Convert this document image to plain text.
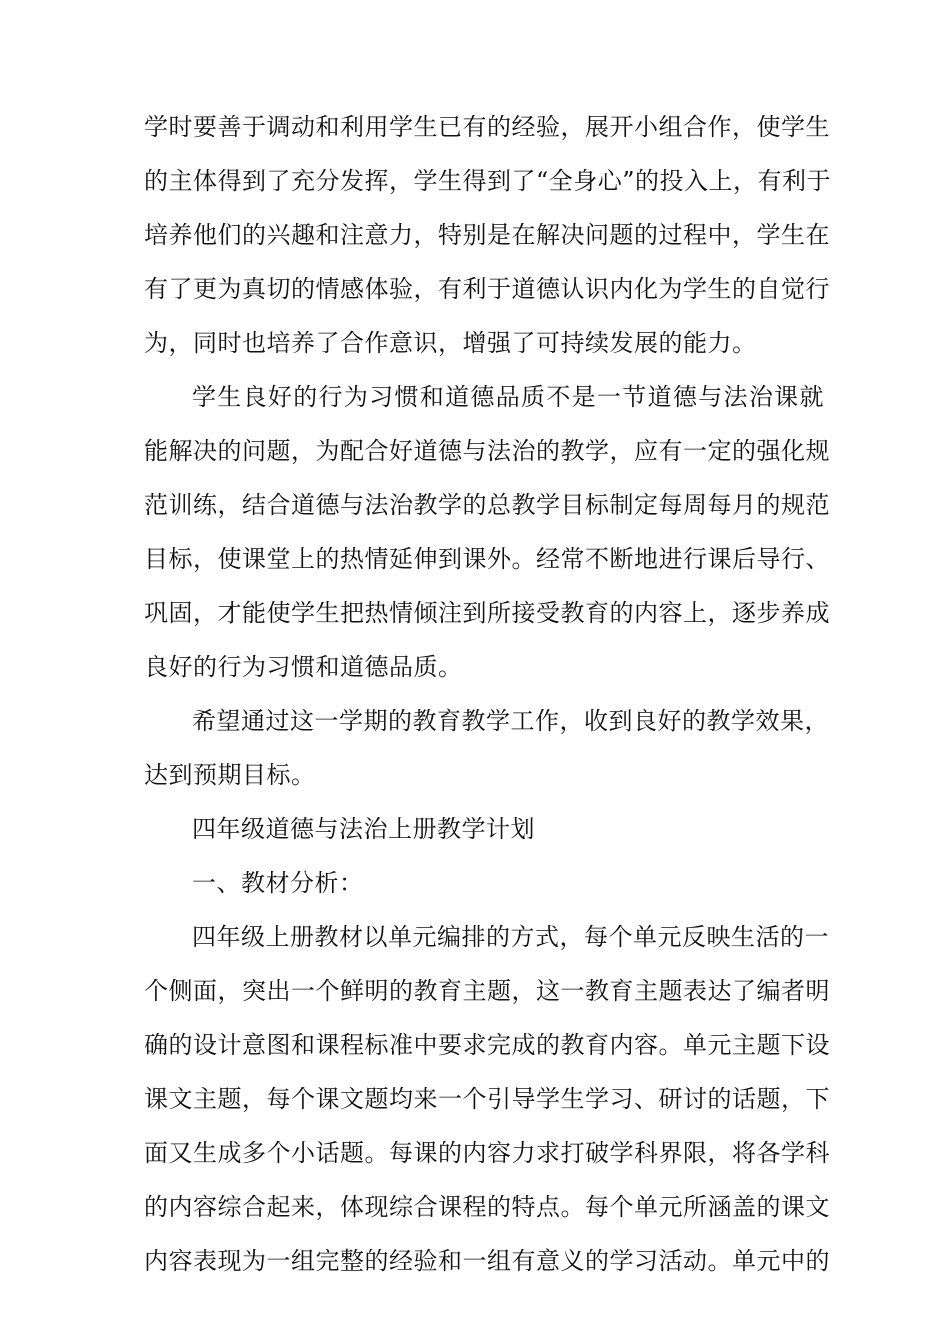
学时要善于调动和利用学生已有的经验，展开小组合作，使学生
的主体得到了充分发挥，学生得到了“全身心”的投入上，有利于
培养他们的兴趣和注意力，特别是在解决问题的过程中，学生在
有了更为真切的情感体验，有利于道德认识内化为学生的自觉行
为，同时也培养了合作意识，增强了可持续发展的能力。

学生良好的行为习惯和道德品质不是一节道德与法治课就
能解决的问题，为配合好道德与法治的教学，应有一定的强化规
范训练，结合道德与法治教学的总教学目标制定每周每月的规范
目标，使课堂上的热情延伸到课外。经常不断地进行课后导行、
巩固，才能使学生把热情倾注到所接受教育的内容上，逐步养成
良好的行为习惯和道德品质。

希望通过这一学期的教育教学工作，收到良好的教学效果，
达到预期目标。

四年级道德与法治上册教学计划

一、教材分析：

四年级上册教材以单元编排的方式，每个单元反映生活的一
个侧面，突出一个鲜明的教育主题，这一教育主题表达了编者明
确的设计意图和课程标准中要求完成的教育内容。单元主题下设
课文主题，每个课文题均来一个引导学生学习、研讨的话题，下
面又生成多个小话题。每课的内容力求打破学科界限，将各学科
的内容综合起来，体现综合课程的特点。每个单元所涵盖的课文
内容表现为一组完整的经验和一组有意义的学习活动。单元中的
